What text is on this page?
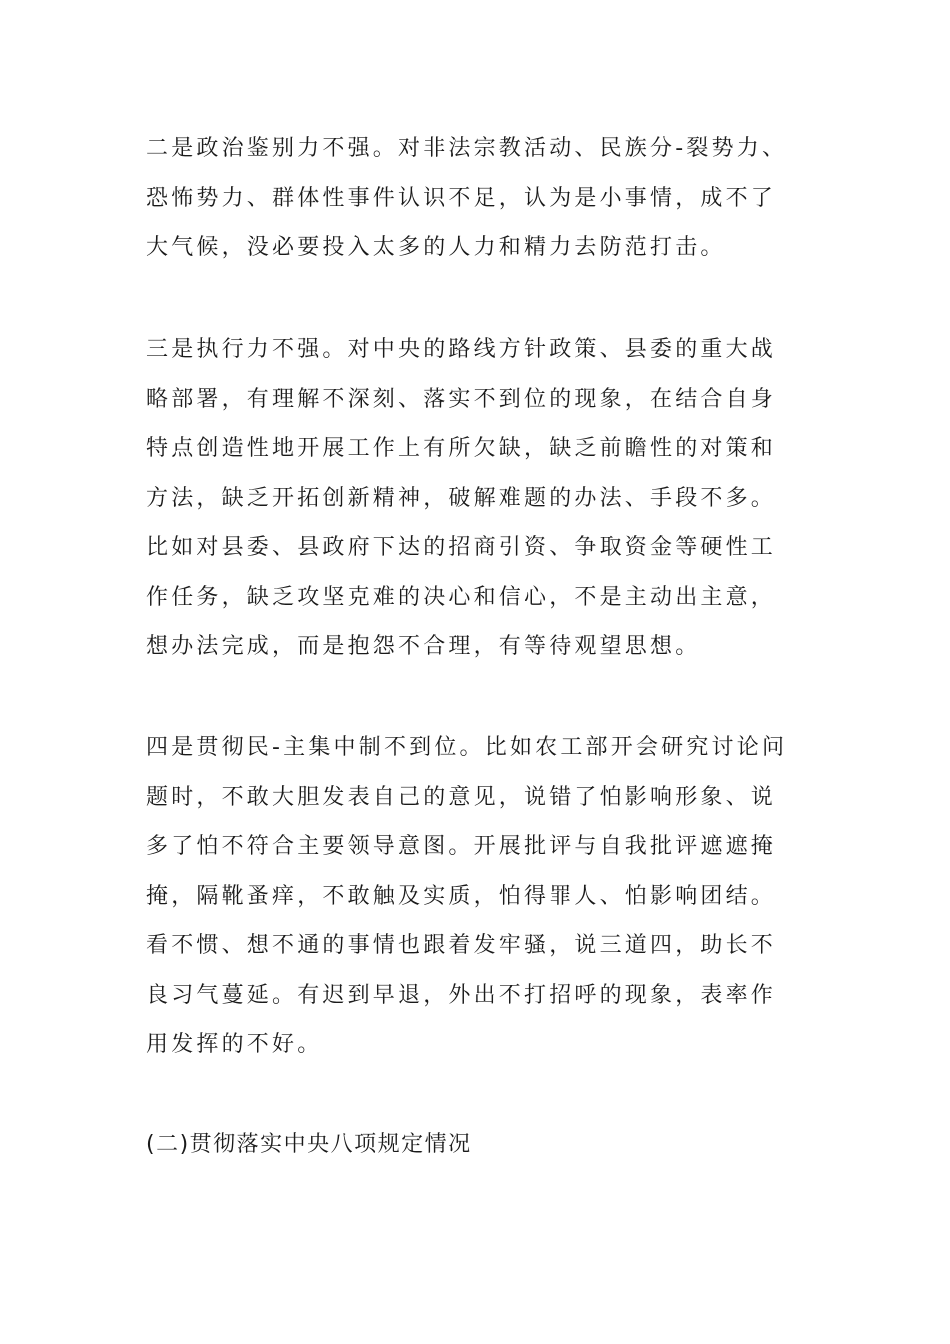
二是政治鉴别力不强。对非法宗教活动、民族分-裂势力、
恐怖势力、群体性事件认识不足，认为是小事情，成不了
大气候，没必要投入太多的人力和精力去防范打击。
三是执行力不强。对中央的路线方针政策、县委的重大战
略部署，有理解不深刻、落实不到位的现象，在结合自身
特点创造性地开展工作上有所欠缺，缺乏前瞻性的对策和
方法，缺乏开拓创新精神，破解难题的办法、手段不多。
比如对县委、县政府下达的招商引资、争取资金等硬性工
作任务，缺乏攻坚克难的决心和信心，不是主动出主意，
想办法完成，而是抱怨不合理，有等待观望思想。
四是贯彻民-主集中制不到位。比如农工部开会研究讨论问
题时，不敢大胆发表自己的意见，说错了怕影响形象、说
多了怕不符合主要领导意图。开展批评与自我批评遮遮掩
掩，隔靴蚤痒，不敢触及实质，怕得罪人、怕影响团结。
看不惯、想不通的事情也跟着发牢骚，说三道四，助长不
良习气蔓延。有迟到早退，外出不打招呼的现象，表率作
用发挥的不好。

(二)贯彻落实中央八项规定情况
